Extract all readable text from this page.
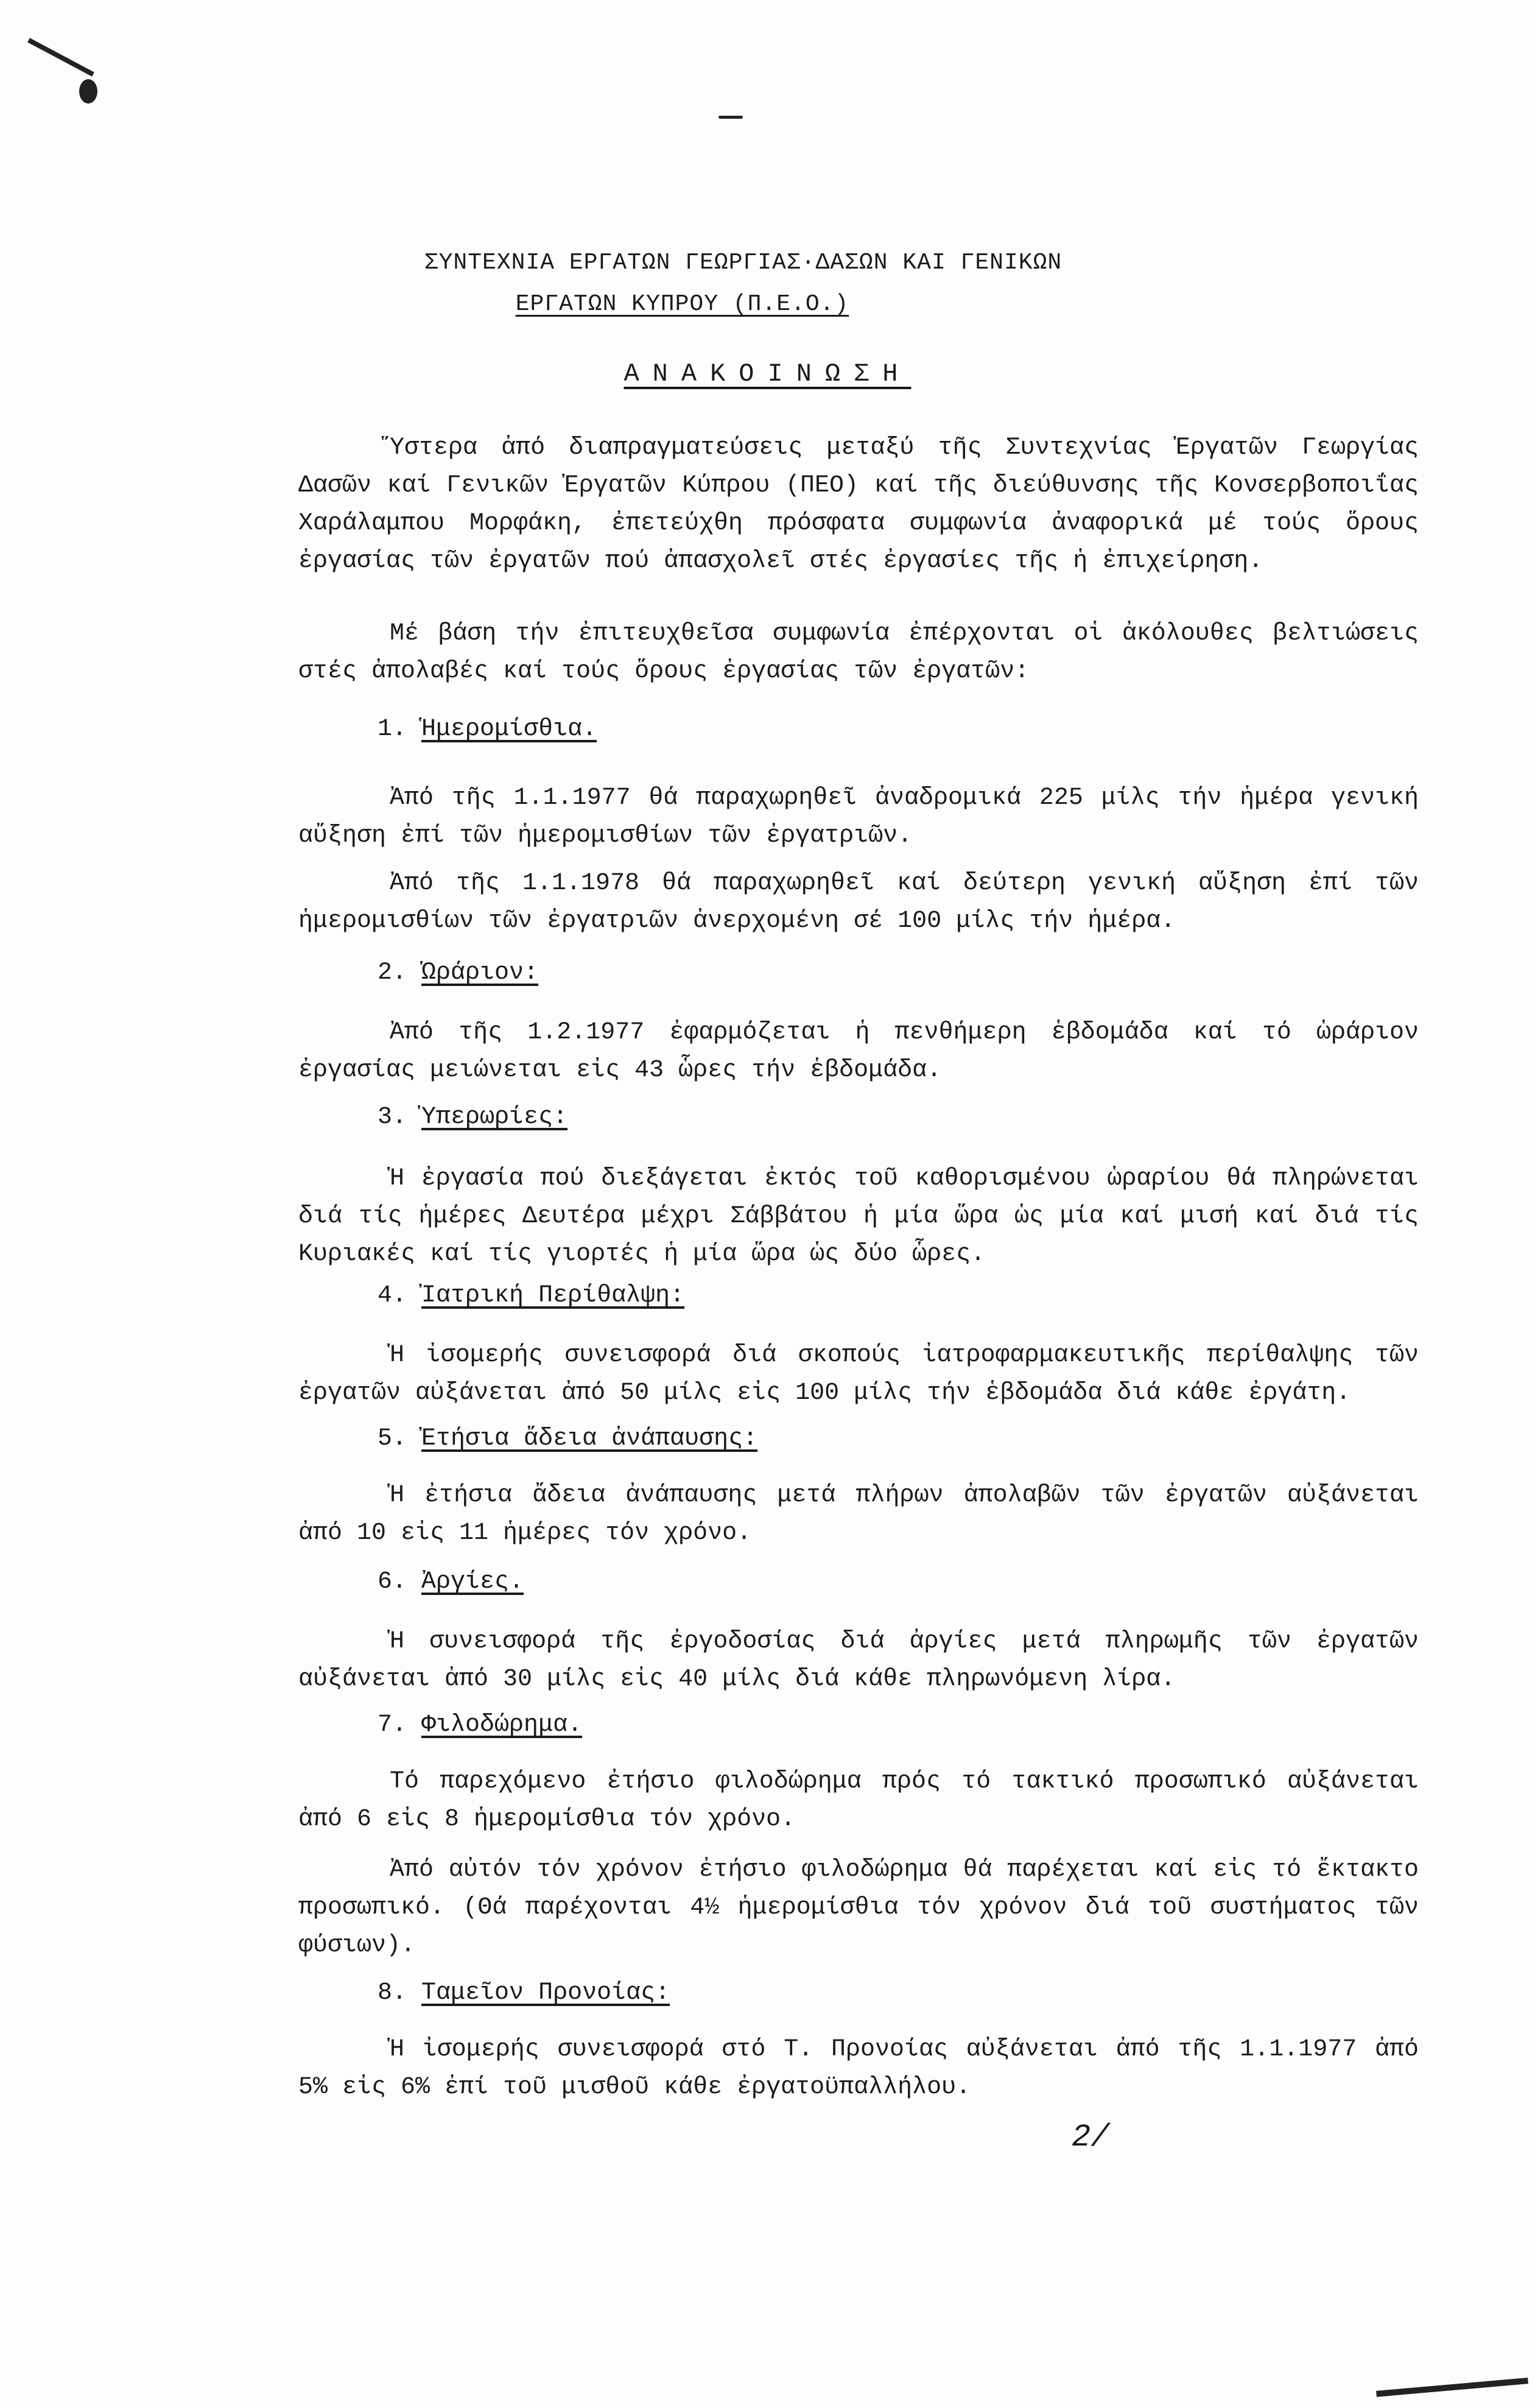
ΣΥΝΤΕΧΝΙΑ ΕΡΓΑΤΩΝ ΓΕΩΡΓΙΑΣ·ΔΑΣΩΝ ΚΑΙ ΓΕΝΙΚΩΝ
ΕΡΓΑΤΩΝ ΚΥΠΡΟΥ (Π.Ε.Ο.)
ΑΝΑΚΟΙΝΩΣΗ
Ὕστερα ἀπό διαπραγματεύσεις μεταξύ τῆς Συντεχνίας Ἐργατῶν Γεωργίας Δασῶν καί Γενικῶν Ἐργατῶν Κύπρου (ΠΕΟ) καί τῆς διεύθυνσης τῆς Κονσερβοποιΐας Χαράλαμπου Μορφάκη, ἐπετεύχθη πρόσφατα συμφωνία ἀναφορικά μέ τούς ὅρους ἐργασίας τῶν ἐργατῶν πού ἀπασχολεῖ στές ἐργασίες τῆς ἡ ἐπιχείρηση.
Μέ βάση τήν ἐπιτευχθεῖσα συμφωνία ἐπέρχονται οἱ ἀκόλουθες βελτιώσεις στές ἀπολαβές καί τούς ὅρους ἐργασίας τῶν ἐργατῶν:
1. Ἡμερομίσθια.
Ἀπό τῆς 1.1.1977 θά παραχωρηθεῖ ἀναδρομικά 225 μίλς τήν ἡμέρα γενική αὔξηση ἐπί τῶν ἡμερομισθίων τῶν ἐργατριῶν.
Ἀπό τῆς 1.1.1978 θά παραχωρηθεῖ καί δεύτερη γενική αὔξηση ἐπί τῶν ἡμερομισθίων τῶν ἐργατριῶν ἀνερχομένη σέ 100 μίλς τήν ἡμέρα.
2. Ὡράριον:
Ἀπό τῆς 1.2.1977 ἐφαρμόζεται ἡ πενθήμερη ἑβδομάδα καί τό ὡράριον ἐργασίας μειώνεται εἰς 43 ὧρες τήν ἑβδομάδα.
3. Ὑπερωρίες:
Ἡ ἐργασία πού διεξάγεται ἐκτός τοῦ καθορισμένου ὡραρίου θά πληρώνεται διά τίς ἡμέρες Δευτέρα μέχρι Σάββάτου ἡ μία ὥρα ὡς μία καί μισή καί διά τίς Κυριακές καί τίς γιορτές ἡ μία ὥρα ὡς δύο ὧρες.
4. Ἰατρική Περίθαλψη:
Ἡ ἰσομερής συνεισφορά διά σκοπούς ἰατροφαρμακευτικῆς περίθαλψης τῶν ἐργατῶν αὐξάνεται ἀπό 50 μίλς εἰς 100 μίλς τήν ἑβδομάδα διά κάθε ἐργάτη.
5. Ἐτήσια ἄδεια ἀνάπαυσης:
Ἡ ἐτήσια ἄδεια ἀνάπαυσης μετά πλήρων ἀπολαβῶν τῶν ἐργατῶν αὐξάνεται ἀπό 10 εἰς 11 ἡμέρες τόν χρόνο.
6. Ἀργίες.
Ἡ συνεισφορά τῆς ἐργοδοσίας διά ἀργίες μετά πληρωμῆς τῶν ἐργατῶν αὐξάνεται ἀπό 30 μίλς εἰς 40 μίλς διά κάθε πληρωνόμενη λίρα.
7. Φιλοδώρημα.
Τό παρεχόμενο ἐτήσιο φιλοδώρημα πρός τό τακτικό προσωπικό αὐξάνεται ἀπό 6 εἰς 8 ἡμερομίσθια τόν χρόνο.
Ἀπό αὐτόν τόν χρόνον ἐτήσιο φιλοδώρημα θά παρέχεται καί εἰς τό ἔκτακτο προσωπικό. (Θά παρέχονται 4½ ἡμερομίσθια τόν χρόνον διά τοῦ συστήματος τῶν φύσιων).
8. Ταμεῖον Προνοίας:
Ἡ ἰσομερής συνεισφορά στό Τ. Προνοίας αὐξάνεται ἀπό τῆς 1.1.1977 ἀπό 5% εἰς 6% ἐπί τοῦ μισθοῦ κάθε ἐργατοϋπαλλήλου.
2/
